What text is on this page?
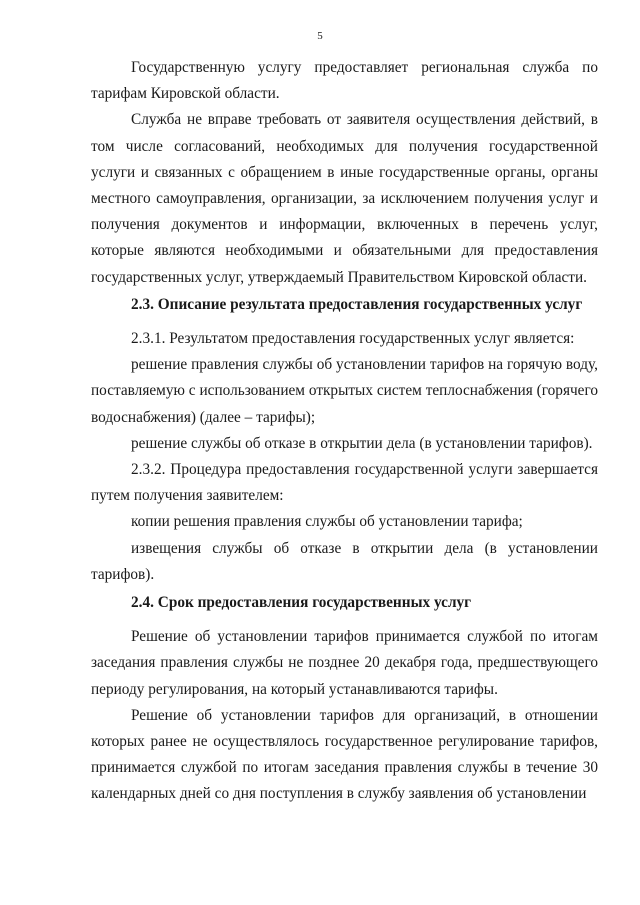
5

Государственную услугу предоставляет региональная служба по тарифам Кировской области.

Служба не вправе требовать от заявителя осуществления действий, в том числе согласований, необходимых для получения государственной услуги и связанных с обращением в иные государственные органы, органы местного самоуправления, организации, за исключением получения услуг и получения документов и информации, включенных в перечень услуг, которые являются необходимыми и обязательными для предоставления государственных услуг, утверждаемый Правительством Кировской области.

2.3. Описание результата предоставления государственных услуг

2.3.1. Результатом предоставления государственных услуг является:

решение правления службы об установлении тарифов на горячую воду, поставляемую с использованием открытых систем теплоснабжения (горячего водоснабжения) (далее – тарифы);

решение службы об отказе в открытии дела (в установлении тарифов).

2.3.2. Процедура предоставления государственной услуги завершается путем получения заявителем:

копии решения правления службы об установлении тарифа;

извещения службы об отказе в открытии дела (в установлении тарифов).

2.4. Срок предоставления государственных услуг

Решение об установлении тарифов принимается службой по итогам заседания правления службы не позднее 20 декабря года, предшествующего периоду регулирования, на который устанавливаются тарифы.

Решение об установлении тарифов для организаций, в отношении которых ранее не осуществлялось государственное регулирование тарифов, принимается службой по итогам заседания правления службы в течение 30 календарных дней со дня поступления в службу заявления об установлении
